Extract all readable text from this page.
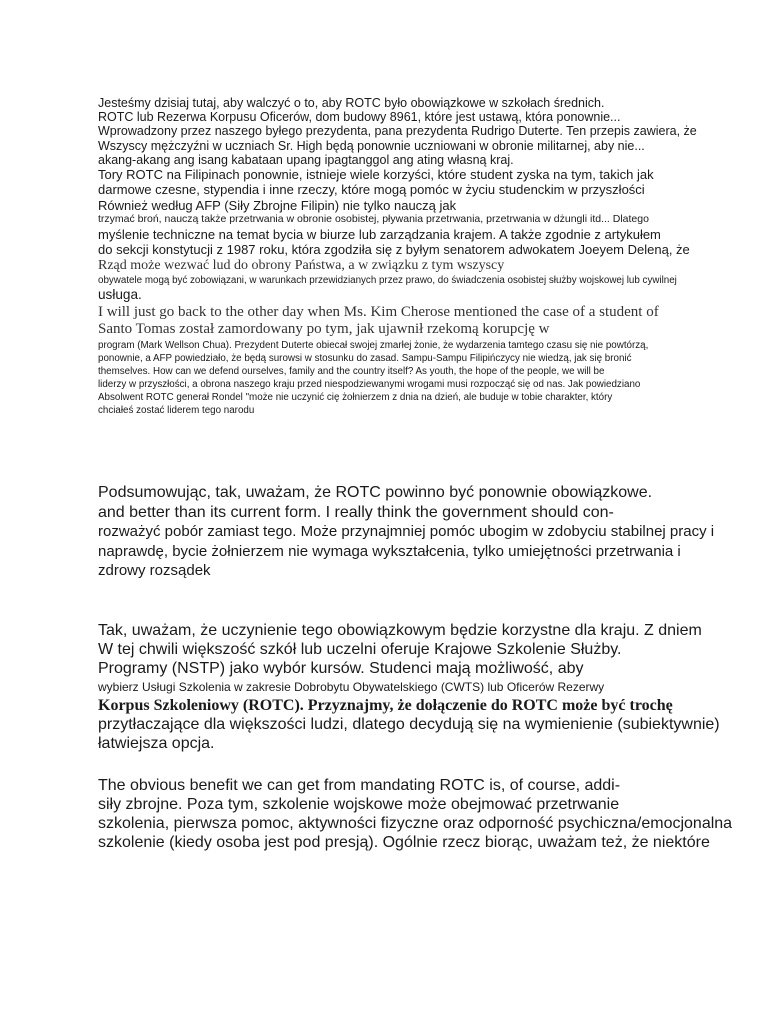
Jesteśmy dzisiaj tutaj, aby walczyć o to, aby ROTC było obowiązkowe w szkołach średnich.
ROTC lub Rezerwa Korpusu Oficerów, dom budowy 8961, które jest ustawą, która ponownie...
Wprowadzony przez naszego byłego prezydenta, pana prezydenta Rudrigo Duterte. Ten przepis zawiera, że
Wszyscy mężczyźni w uczniach Sr. High będą ponownie uczniowani w obronie militarnej, aby nie...
akang-akang ang isang kabataan upang ipagtanggol ang ating własną kraj.
Tory ROTC na Filipinach ponownie, istnieje wiele korzyści, które student zyska na tym, takich jak
darmowe czesne, stypendia i inne rzeczy, które mogą pomóc w życiu studenckim w przyszłości
Również według AFP (Siły Zbrojne Filipin) nie tylko nauczą jak
trzymać broń, nauczą także przetrwania w obronie osobistej, pływania przetrwania, przetrwania w dżungli itd... Dlatego
myślenie techniczne na temat bycia w biurze lub zarządzania krajem. A także zgodnie z artykułem
do sekcji konstytucji z 1987 roku, która zgodziła się z byłym senatorem adwokatem Joeyem Deleną, że
Rząd może wezwać lud do obrony Państwa, a w związku z tym wszyscy
obywatele mogą być zobowiązani, w warunkach przewidzianych przez prawo, do świadczenia osobistej służby wojskowej lub cywilnej
usługa.
I will just go back to the other day when Ms. Kim Cherose mentioned the case of a student of
Santo Tomas został zamordowany po tym, jak ujawnił rzekomą korupcję w
program (Mark Wellson Chua). Prezydent Duterte obiecał swojej zmarłej żonie, że wydarzenia tamtego czasu się nie powtórzą,
ponownie, a AFP powiedziało, że będą surowsi w stosunku do zasad. Sampu-Sampu Filipińczycy nie wiedzą, jak się bronić
themselves. How can we defend ourselves, family and the country itself? As youth, the hope of the people, we will be
liderzy w przyszłości, a obrona naszego kraju przed niespodziewanymi wrogami musi rozpocząć się od nas. Jak powiedziano
Absolwent ROTC generał Rondel "może nie uczynić cię żołnierzem z dnia na dzień, ale buduje w tobie charakter, który
chciałeś zostać liderem tego narodu
Podsumowując, tak, uważam, że ROTC powinno być ponownie obowiązkowe.
and better than its current form. I really think the government should con-
rozważyć pobór zamiast tego. Może przynajmniej pomóc ubogim w zdobyciu stabilnej pracy i
naprawdę, bycie żołnierzem nie wymaga wykształcenia, tylko umiejętności przetrwania i
zdrowy rozsądek
Tak, uważam, że uczynienie tego obowiązkowym będzie korzystne dla kraju. Z dniem
W tej chwili większość szkół lub uczelni oferuje Krajowe Szkolenie Służby.
Programy (NSTP) jako wybór kursów. Studenci mają możliwość, aby
wybierz Usługi Szkolenia w zakresie Dobrobytu Obywatelskiego (CWTS) lub Oficerów Rezerwy
Korpus Szkoleniowy (ROTC). Przyznajmy, że dołączenie do ROTC może być trochę
przytłaczające dla większości ludzi, dlatego decydują się na wymienienie (subiektywnie)
łatwiejsza opcja.
The obvious benefit we can get from mandating ROTC is, of course, addi-
siły zbrojne. Poza tym, szkolenie wojskowe może obejmować przetrwanie
szkolenia, pierwsza pomoc, aktywności fizyczne oraz odporność psychiczna/emocjonalna
szkolenie (kiedy osoba jest pod presją). Ogólnie rzecz biorąc, uważam też, że niektóre
